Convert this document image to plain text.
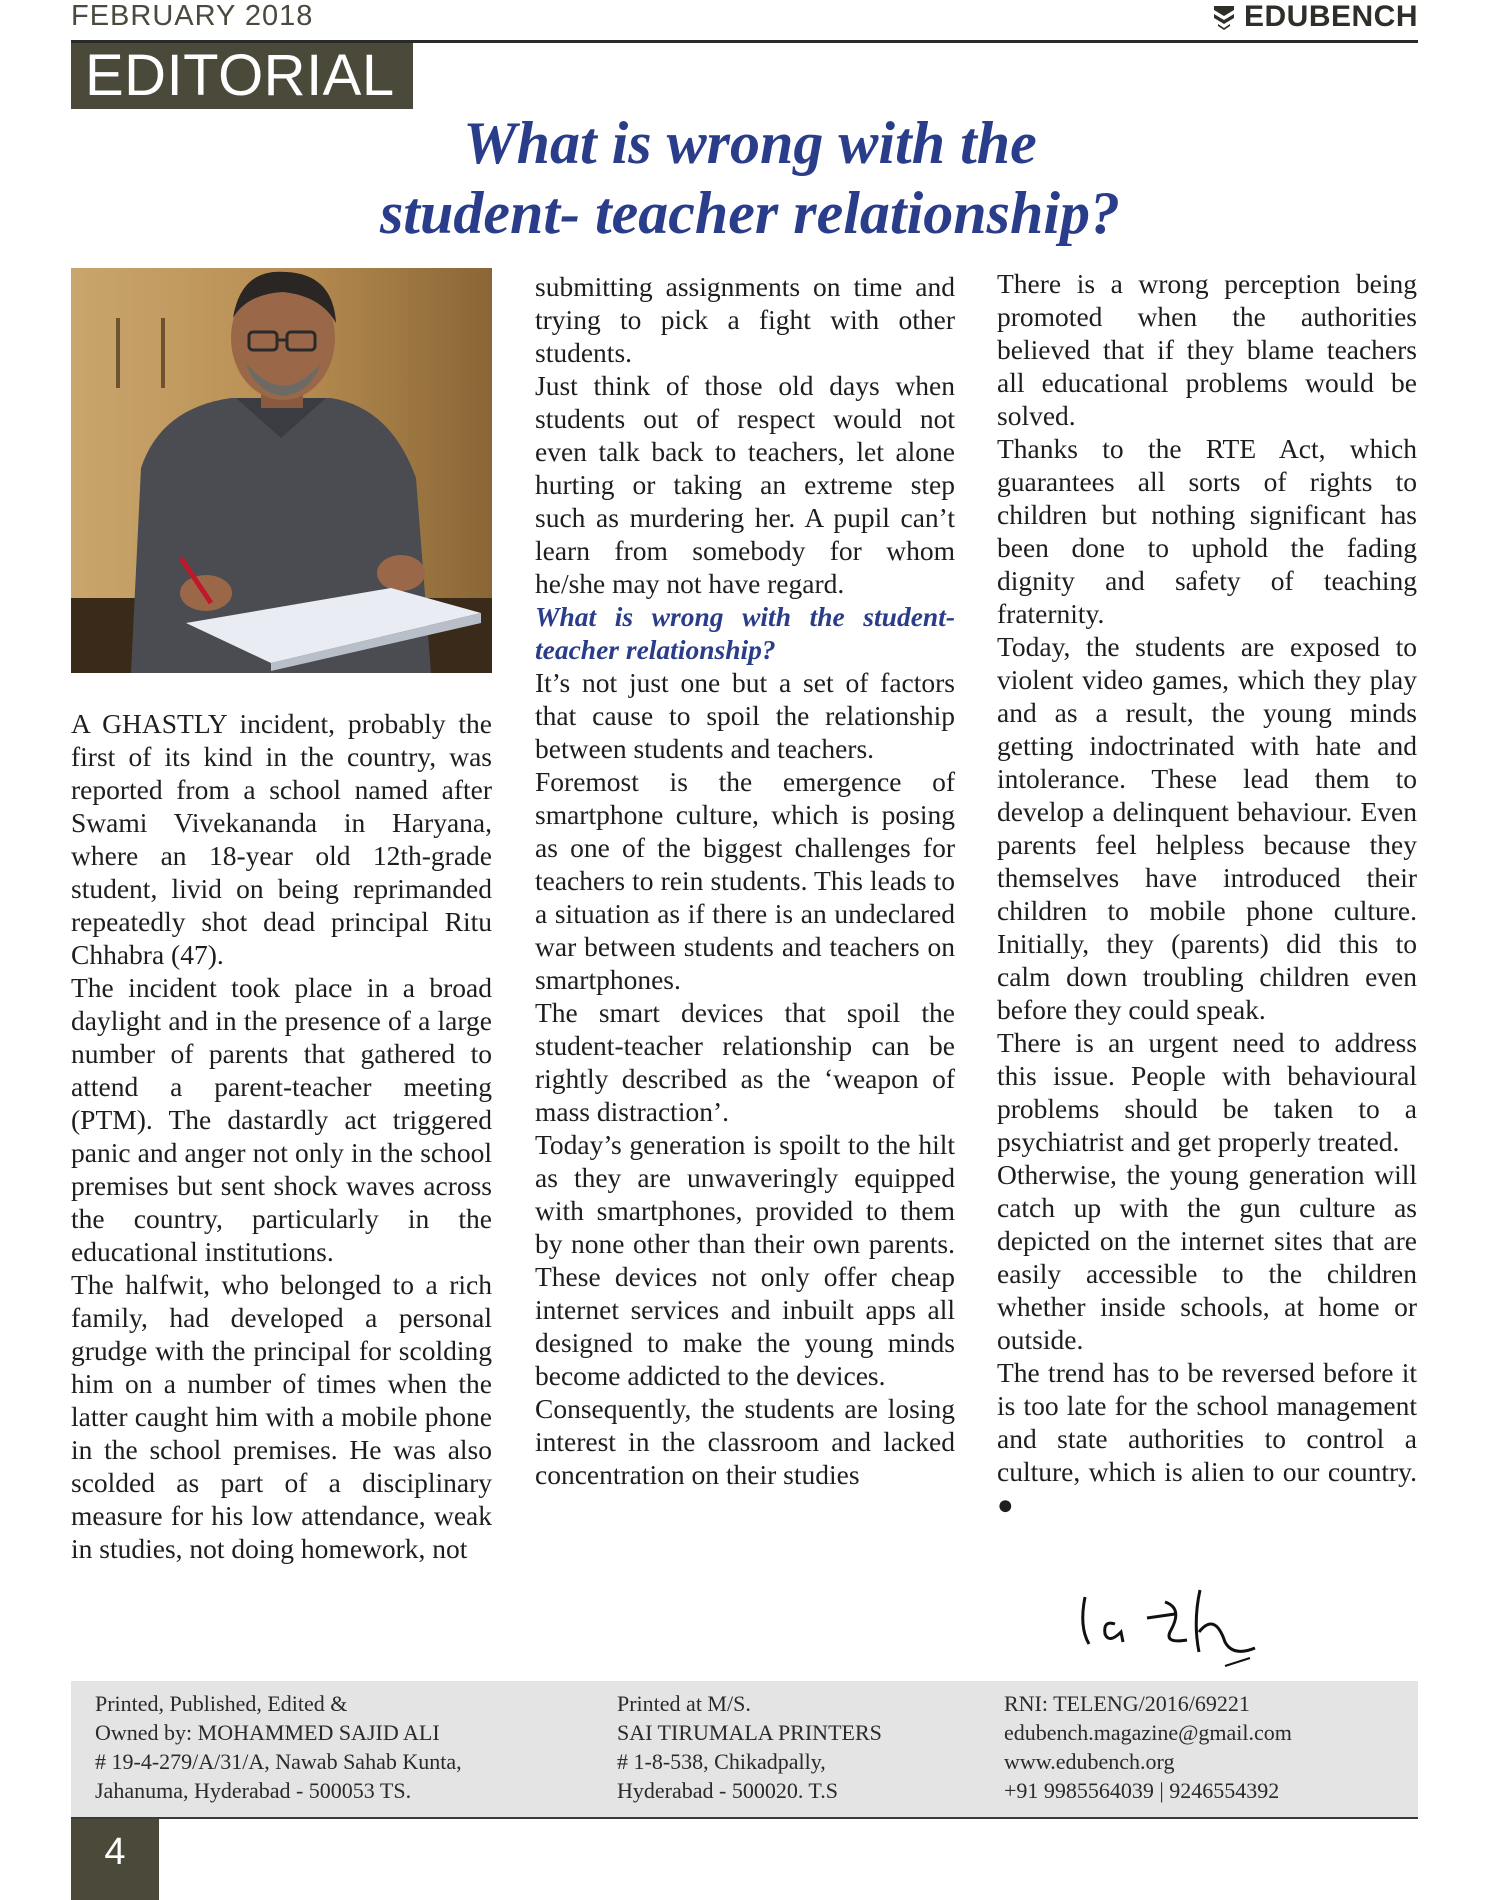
FEBRUARY 2018	EDUBENCH
EDITORIAL
What is wrong with the
student- teacher relationship?

A GHASTLY incident, probably the first of its kind in the country, was reported from a school named after Swami Vivekananda in Haryana, where an 18-year old 12th-grade student, livid on being reprimanded repeatedly shot dead principal Ritu Chhabra (47).

The incident took place in a broad daylight and in the presence of a large number of parents that gathered to attend a parent-teacher meeting (PTM). The dastardly act triggered panic and anger not only in the school premises but sent shock waves across the country, particularly in the educational institutions.

The halfwit, who belonged to a rich family, had developed a personal grudge with the principal for scolding him on a number of times when the latter caught him with a mobile phone in the school premises. He was also scolded as part of a disciplinary measure for his low attendance, weak in studies, not doing homework, not

submitting assignments on time and trying to pick a fight with other students.

Just think of those old days when students out of respect would not even talk back to teachers, let alone hurting or taking an extreme step such as murdering her. A pupil can’t learn from somebody for whom he/she may not have regard.

What is wrong with the student-teacher relationship?

It’s not just one but a set of factors that cause to spoil the relationship between students and teachers.

Foremost is the emergence of smartphone culture, which is posing as one of the biggest challenges for teachers to rein students. This leads to a situation as if there is an undeclared war between students and teachers on smartphones.

The smart devices that spoil the student-teacher relationship can be rightly described as the ‘weapon of mass distraction’.

Today’s generation is spoilt to the hilt as they are unwaveringly equipped with smartphones, provided to them by none other than their own parents. These devices not only offer cheap internet services and inbuilt apps all designed to make the young minds become addicted to the devices.

Consequently, the students are losing interest in the classroom and lacked concentration on their studies

There is a wrong perception being promoted when the authorities believed that if they blame teachers all educational problems would be solved.

Thanks to the RTE Act, which guarantees all sorts of rights to children but nothing significant has been done to uphold the fading dignity and safety of teaching fraternity.

Today, the students are exposed to violent video games, which they play and as a result, the young minds getting indoctrinated with hate and intolerance. These lead them to develop a delinquent behaviour. Even parents feel helpless because they themselves have introduced their children to mobile phone culture. Initially, they (parents) did this to calm down troubling children even before they could speak.

There is an urgent need to address this issue. People with behavioural problems should be taken to a psychiatrist and get properly treated.

Otherwise, the young generation will catch up with the gun culture as depicted on the internet sites that are easily accessible to the children whether inside schools, at home or outside.

The trend has to be reversed before it is too late for the school management and state authorities to control a culture, which is alien to our country. ●

Printed, Published, Edited &
Owned by: MOHAMMED SAJID ALI
# 19-4-279/A/31/A, Nawab Sahab Kunta,
Jahanuma, Hyderabad - 500053 TS.
Printed at M/S.
SAI TIRUMALA PRINTERS
# 1-8-538, Chikadpally,
Hyderabad - 500020. T.S
RNI: TELENG/2016/69221
edubench.magazine@gmail.com
www.edubench.org
+91 9985564039 | 9246554392
4
